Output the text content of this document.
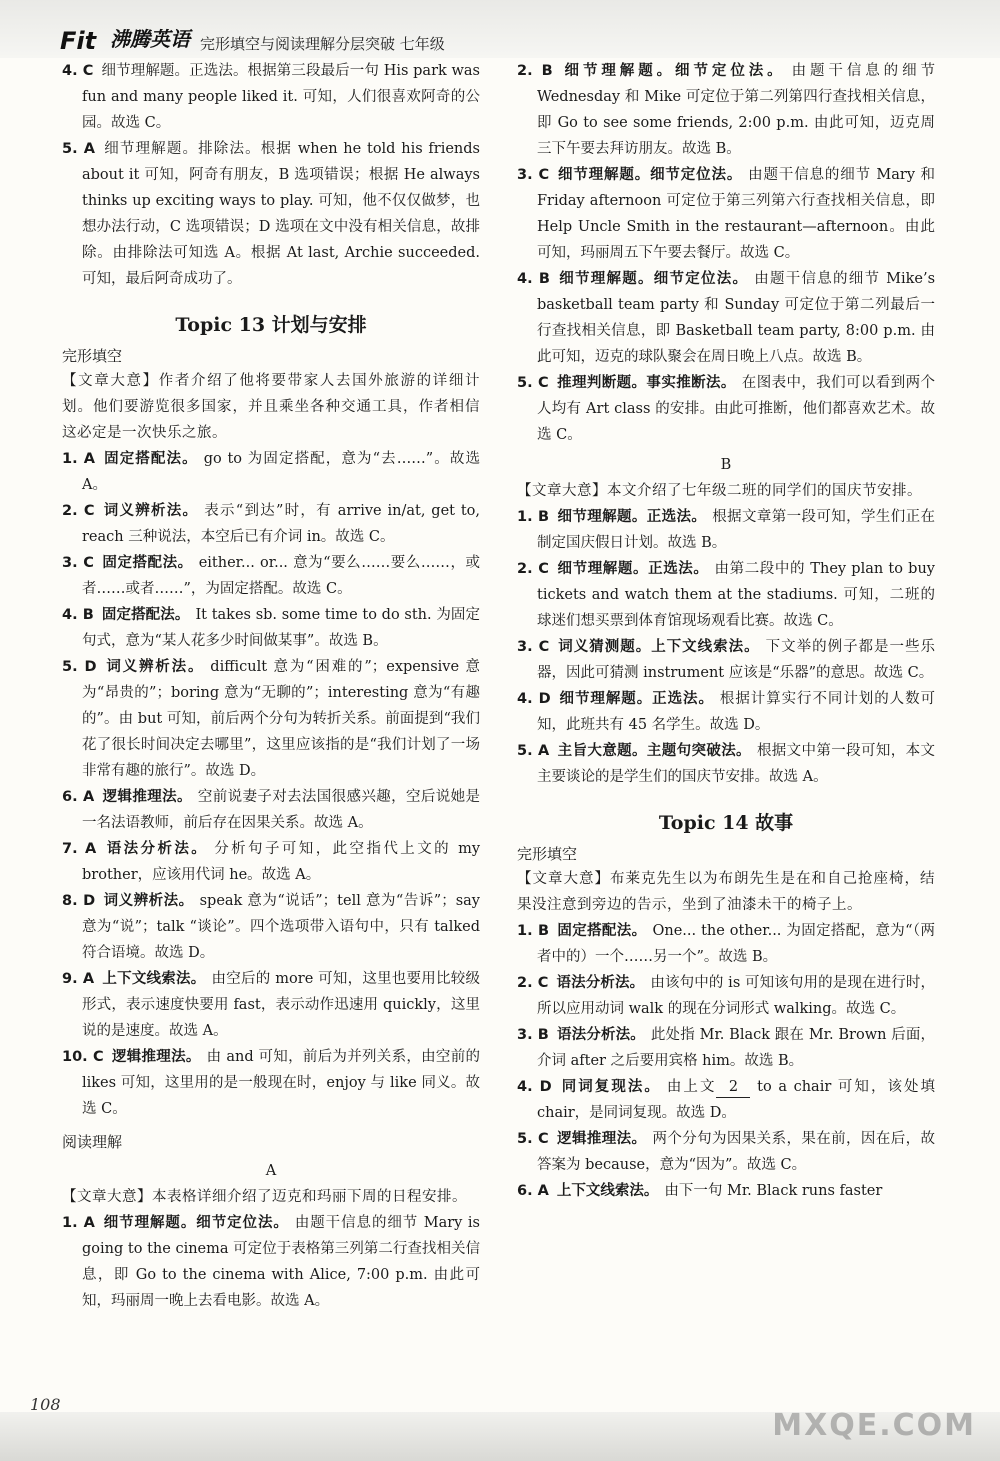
Fit 沸腾英语 完形填空与阅读理解分层突破 七年级
4. C 细节理解题。正选法。根据第三段最后一句 His park was fun and many people liked it. 可知，人们很喜欢阿奇的公园。故选 C。
5. A 细节理解题。排除法。根据 when he told his friends about it 可知，阿奇有朋友，B 选项错误；根据 He always thinks up exciting ways to play. 可知，他不仅仅做梦，也想办法行动，C 选项错误；D 选项在文中没有相关信息，故排除。由排除法可知选 A。根据 At last, Archie succeeded. 可知，最后阿奇成功了。
Topic 13 计划与安排
完形填空
【文章大意】作者介绍了他将要带家人去国外旅游的详细计划。他们要游览很多国家，并且乘坐各种交通工具，作者相信这必定是一次快乐之旅。
1. A 固定搭配法。 go to 为固定搭配，意为“去……”。故选 A。
2. C 词义辨析法。 表示“到达”时，有 arrive in/at, get to, reach 三种说法，本空后已有介词 in。故选 C。
3. C 固定搭配法。 either... or... 意为“要么……要么……，或者……或者……”，为固定搭配。故选 C。
4. B 固定搭配法。 It takes sb. some time to do sth. 为固定句式，意为“某人花多少时间做某事”。故选 B。
5. D 词义辨析法。 difficult 意为“困难的”；expensive 意为“昂贵的”；boring 意为“无聊的”；interesting 意为“有趣的”。由 but 可知，前后两个分句为转折关系。前面提到“我们花了很长时间决定去哪里”，这里应该指的是“我们计划了一场非常有趣的旅行”。故选 D。
6. A 逻辑推理法。 空前说妻子对去法国很感兴趣，空后说她是一名法语教师，前后存在因果关系。故选 A。
7. A 语法分析法。 分析句子可知，此空指代上文的 my brother，应该用代词 he。故选 A。
8. D 词义辨析法。 speak 意为“说话”；tell 意为“告诉”；say 意为“说”；talk “谈论”。四个选项带入语句中，只有 talked 符合语境。故选 D。
9. A 上下文线索法。 由空后的 more 可知，这里也要用比较级形式，表示速度快要用 fast，表示动作迅速用 quickly，这里说的是速度。故选 A。
10. C 逻辑推理法。 由 and 可知，前后为并列关系，由空前的 likes 可知，这里用的是一般现在时，enjoy 与 like 同义。故选 C。
阅读理解
A
【文章大意】本表格详细介绍了迈克和玛丽下周的日程安排。
1. A 细节理解题。细节定位法。 由题干信息的细节 Mary is going to the cinema 可定位于表格第三列第二行查找相关信息，即 Go to the cinema with Alice, 7:00 p.m. 由此可知，玛丽周一晚上去看电影。故选 A。
2. B 细节理解题。细节定位法。 由题干信息的细节 Wednesday 和 Mike 可定位于第二列第四行查找相关信息，即 Go to see some friends, 2:00 p.m. 由此可知，迈克周三下午要去拜访朋友。故选 B。
3. C 细节理解题。细节定位法。 由题干信息的细节 Mary 和 Friday afternoon 可定位于第三列第六行查找相关信息，即 Help Uncle Smith in the restaurant—afternoon。由此可知，玛丽周五下午要去餐厅。故选 C。
4. B 细节理解题。细节定位法。 由题干信息的细节 Mike’s basketball team party 和 Sunday 可定位于第二列最后一行查找相关信息，即 Basketball team party, 8:00 p.m. 由此可知，迈克的球队聚会在周日晚上八点。故选 B。
5. C 推理判断题。事实推断法。 在图表中，我们可以看到两个人均有 Art class 的安排。由此可推断，他们都喜欢艺术。故选 C。
B
【文章大意】本文介绍了七年级二班的同学们的国庆节安排。
1. B 细节理解题。正选法。 根据文章第一段可知，学生们正在制定国庆假日计划。故选 B。
2. C 细节理解题。正选法。 由第二段中的 They plan to buy tickets and watch them at the stadiums. 可知，二班的球迷们想买票到体育馆现场观看比赛。故选 C。
3. C 词义猜测题。上下文线索法。 下文举的例子都是一些乐器，因此可猜测 instrument 应该是“乐器”的意思。故选 C。
4. D 细节理解题。正选法。 根据计算实行不同计划的人数可知，此班共有 45 名学生。故选 D。
5. A 主旨大意题。主题句突破法。 根据文中第一段可知，本文主要谈论的是学生们的国庆节安排。故选 A。
Topic 14 故事
完形填空
【文章大意】布莱克先生以为布朗先生是在和自己抢座椅，结果没注意到旁边的告示，坐到了油漆未干的椅子上。
1. B 固定搭配法。 One... the other... 为固定搭配，意为“（两者中的）一个……另一个”。故选 B。
2. C 语法分析法。 由该句中的 is 可知该句用的是现在进行时，所以应用动词 walk 的现在分词形式 walking。故选 C。
3. B 语法分析法。 此处指 Mr. Black 跟在 Mr. Brown 后面，介词 after 之后要用宾格 him。故选 B。
4. D 同词复现法。 由上文 2 to a chair 可知，该处填 chair，是同词复现。故选 D。
5. C 逻辑推理法。 两个分句为因果关系，果在前，因在后，故答案为 because，意为“因为”。故选 C。
6. A 上下文线索法。 由下一句 Mr. Black runs faster
108
MXQE.COM
